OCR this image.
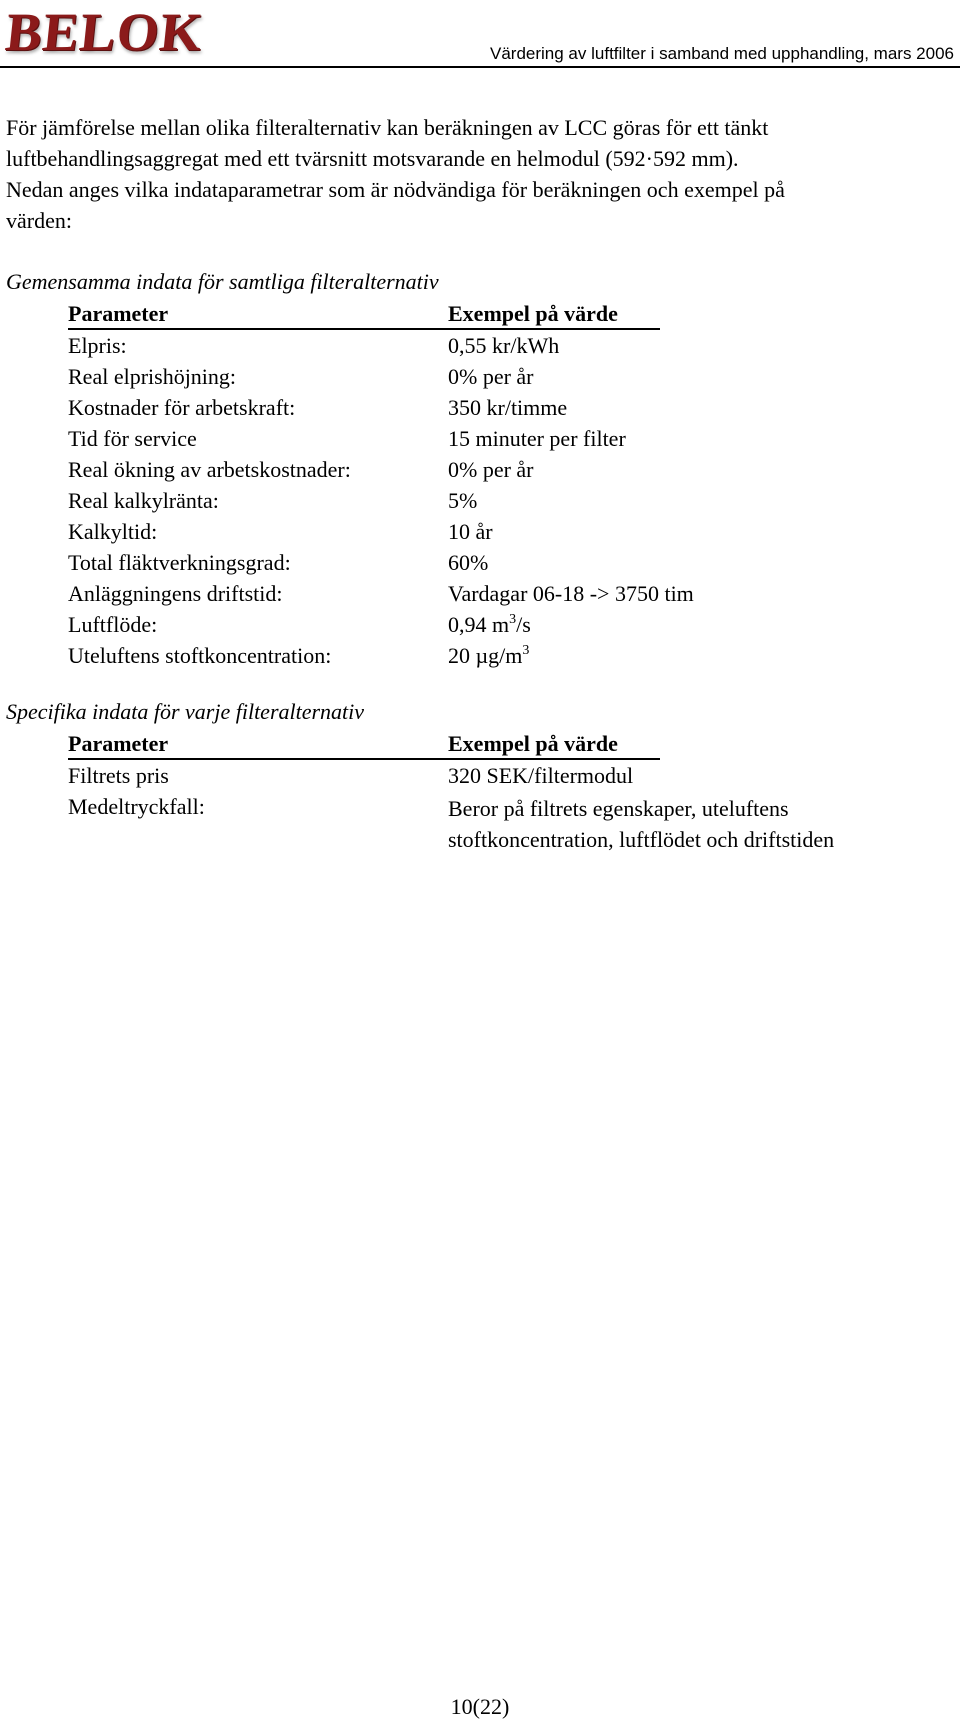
BELOK	Värdering av luftfilter i samband med upphandling, mars 2006
För jämförelse mellan olika filteralternativ kan beräkningen av LCC göras för ett tänkt
luftbehandlingsaggregat med ett tvärsnitt motsvarande en helmodul (592·592 mm).
Nedan anges vilka indataparametrar som är nödvändiga för beräkningen och exempel på
värden:
Gemensamma indata för samtliga filteralternativ
Parameter	Exempel på värde
Elpris:	0,55 kr/kWh
Real elprishöjning:	0% per år
Kostnader för arbetskraft:	350 kr/timme
Tid för service	15 minuter per filter
Real ökning av arbetskostnader:	0% per år
Real kalkylränta:	5%
Kalkyltid:	10 år
Total fläktverkningsgrad:	60%
Anläggningens driftstid:	Vardagar 06-18 -> 3750 tim
Luftflöde:	0,94 $m^3/s$
Uteluftens stoftkoncentration:	20 $\mu g/m^3$
Specifika indata för varje filteralternativ
Parameter	Exempel på värde
Filtrets pris	320 SEK/filtermodul
Medeltryckfall:	Beror på filtrets egenskaper, uteluftens
stoftkoncentration, luftflödet och driftstiden
10(22)
